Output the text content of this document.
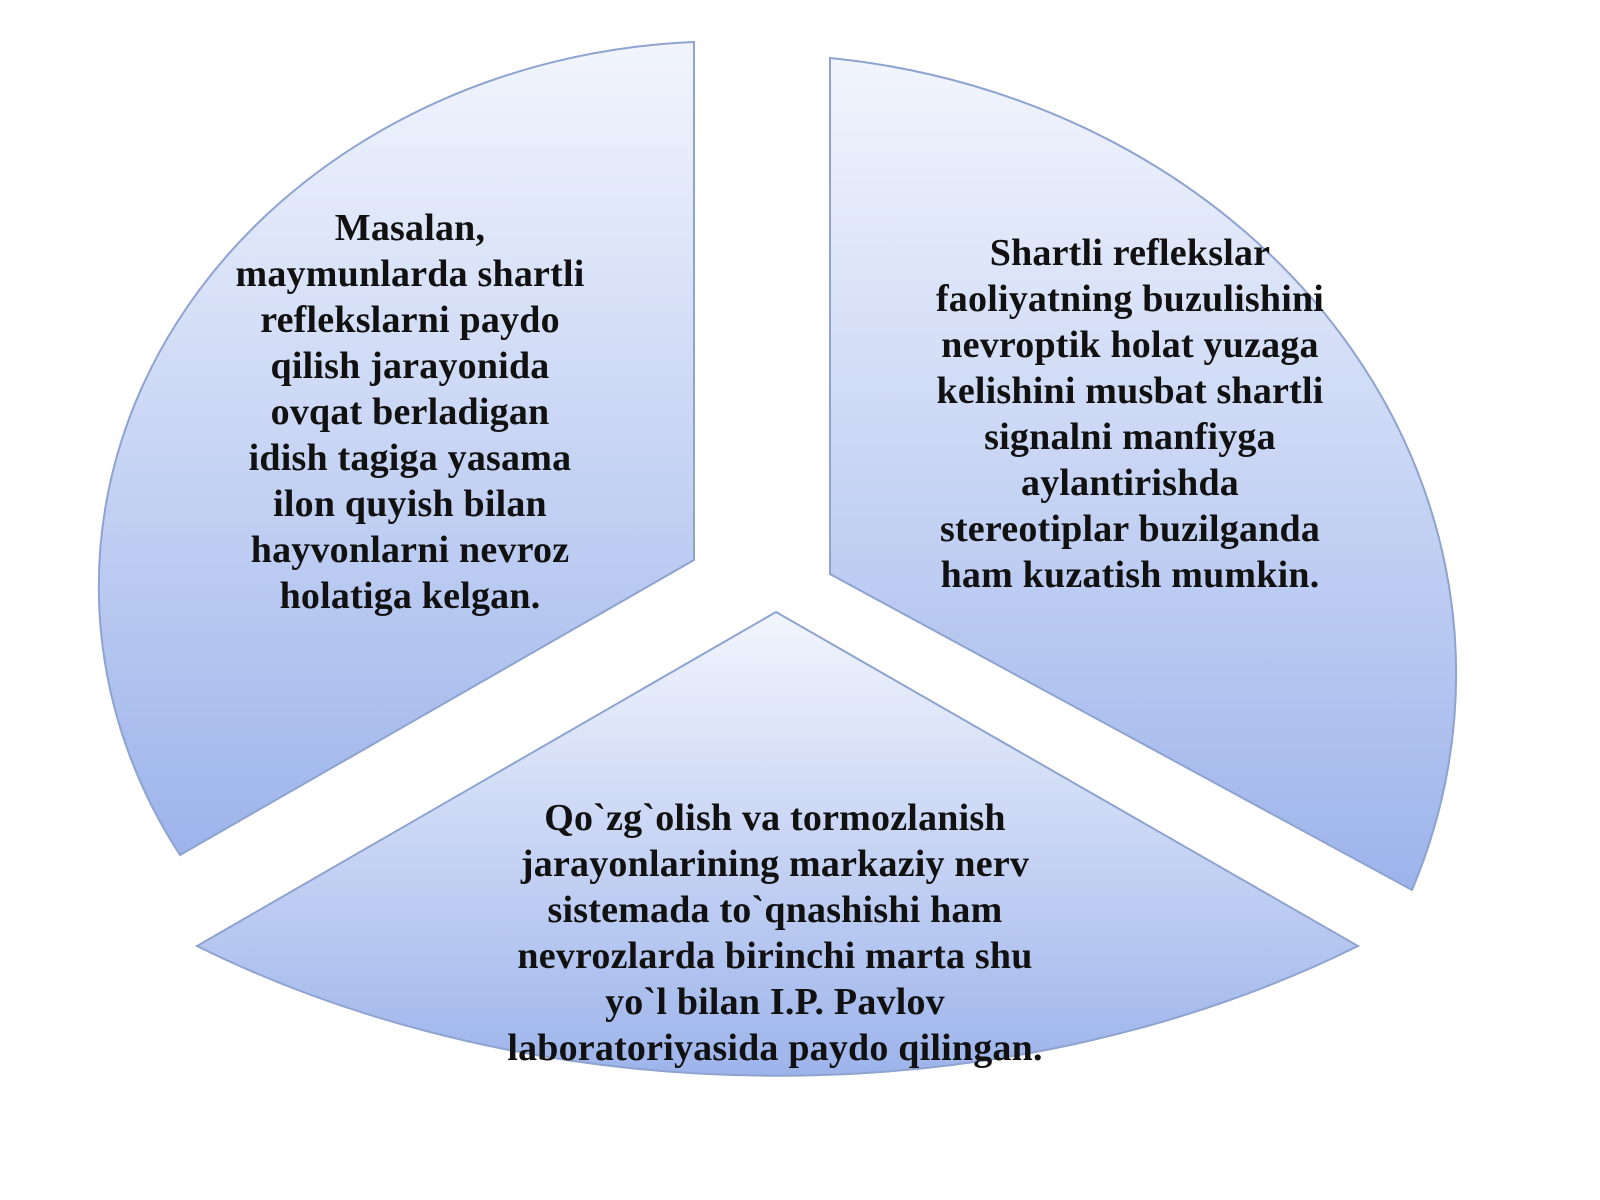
Masalan,
maymunlarda shartli
reflekslarni paydo
qilish jarayonida
ovqat berladigan
idish tagiga yasama
ilon quyish bilan
hayvonlarni nevroz
holatiga kelgan.

Shartli reflekslar
faoliyatning buzulishini
nevroptik holat yuzaga
kelishini musbat shartli
signalni manfiyga
aylantirishda
stereotiplar buzilganda
ham kuzatish mumkin.

Qo`zg`olish va tormozlanish
jarayonlarining markaziy nerv
sistemada to`qnashishi ham
nevrozlarda birinchi marta shu
yo`l bilan I.P. Pavlov
laboratoriyasida paydo qilingan.
